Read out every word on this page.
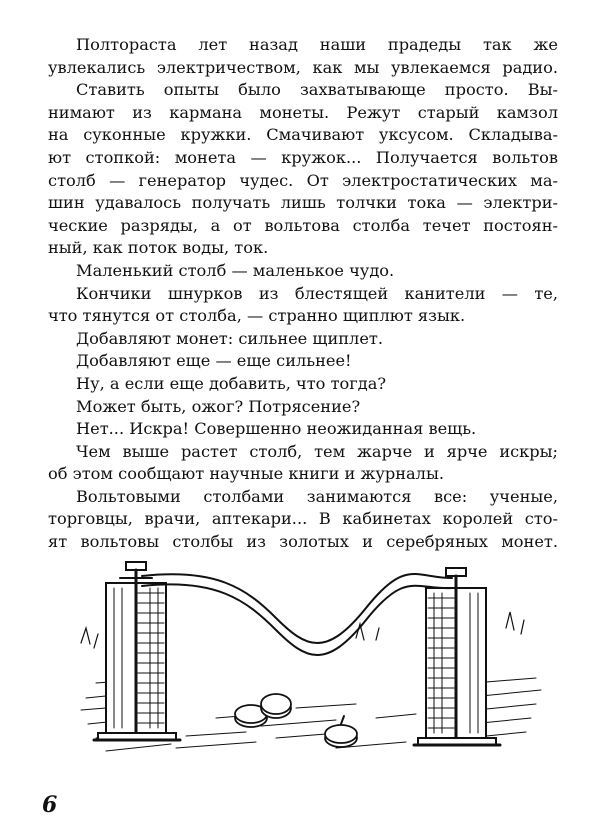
Полтораста лет назад наши прадеды так же
увлекались электричеством, как мы увлекаемся радио.
Ставить опыты было захватывающе просто. Вы-
нимают из кармана монеты. Режут старый камзол
на суконные кружки. Смачивают уксусом. Складыва-
ют стопкой: монета — кружок... Получается вольтов
столб — генератор чудес. От электростатических ма-
шин удавалось получать лишь толчки тока — электри-
ческие разряды, а от вольтова столба течет постоян-
ный, как поток воды, ток.
Маленький столб — маленькое чудо.
Кончики шнурков из блестящей канители — те,
что тянутся от столба, — странно щиплют язык.
Добавляют монет: сильнее щиплет.
Добавляют еще — еще сильнее!
Ну, а если еще добавить, что тогда?
Может быть, ожог? Потрясение?
Нет... Искра! Совершенно неожиданная вещь.
Чем выше растет столб, тем жарче и ярче искры;
об этом сообщают научные книги и журналы.
Вольтовыми столбами занимаются все: ученые,
торговцы, врачи, аптекари... В кабинетах королей сто-
ят вольтовы столбы из золотых и серебряных монет.
6
